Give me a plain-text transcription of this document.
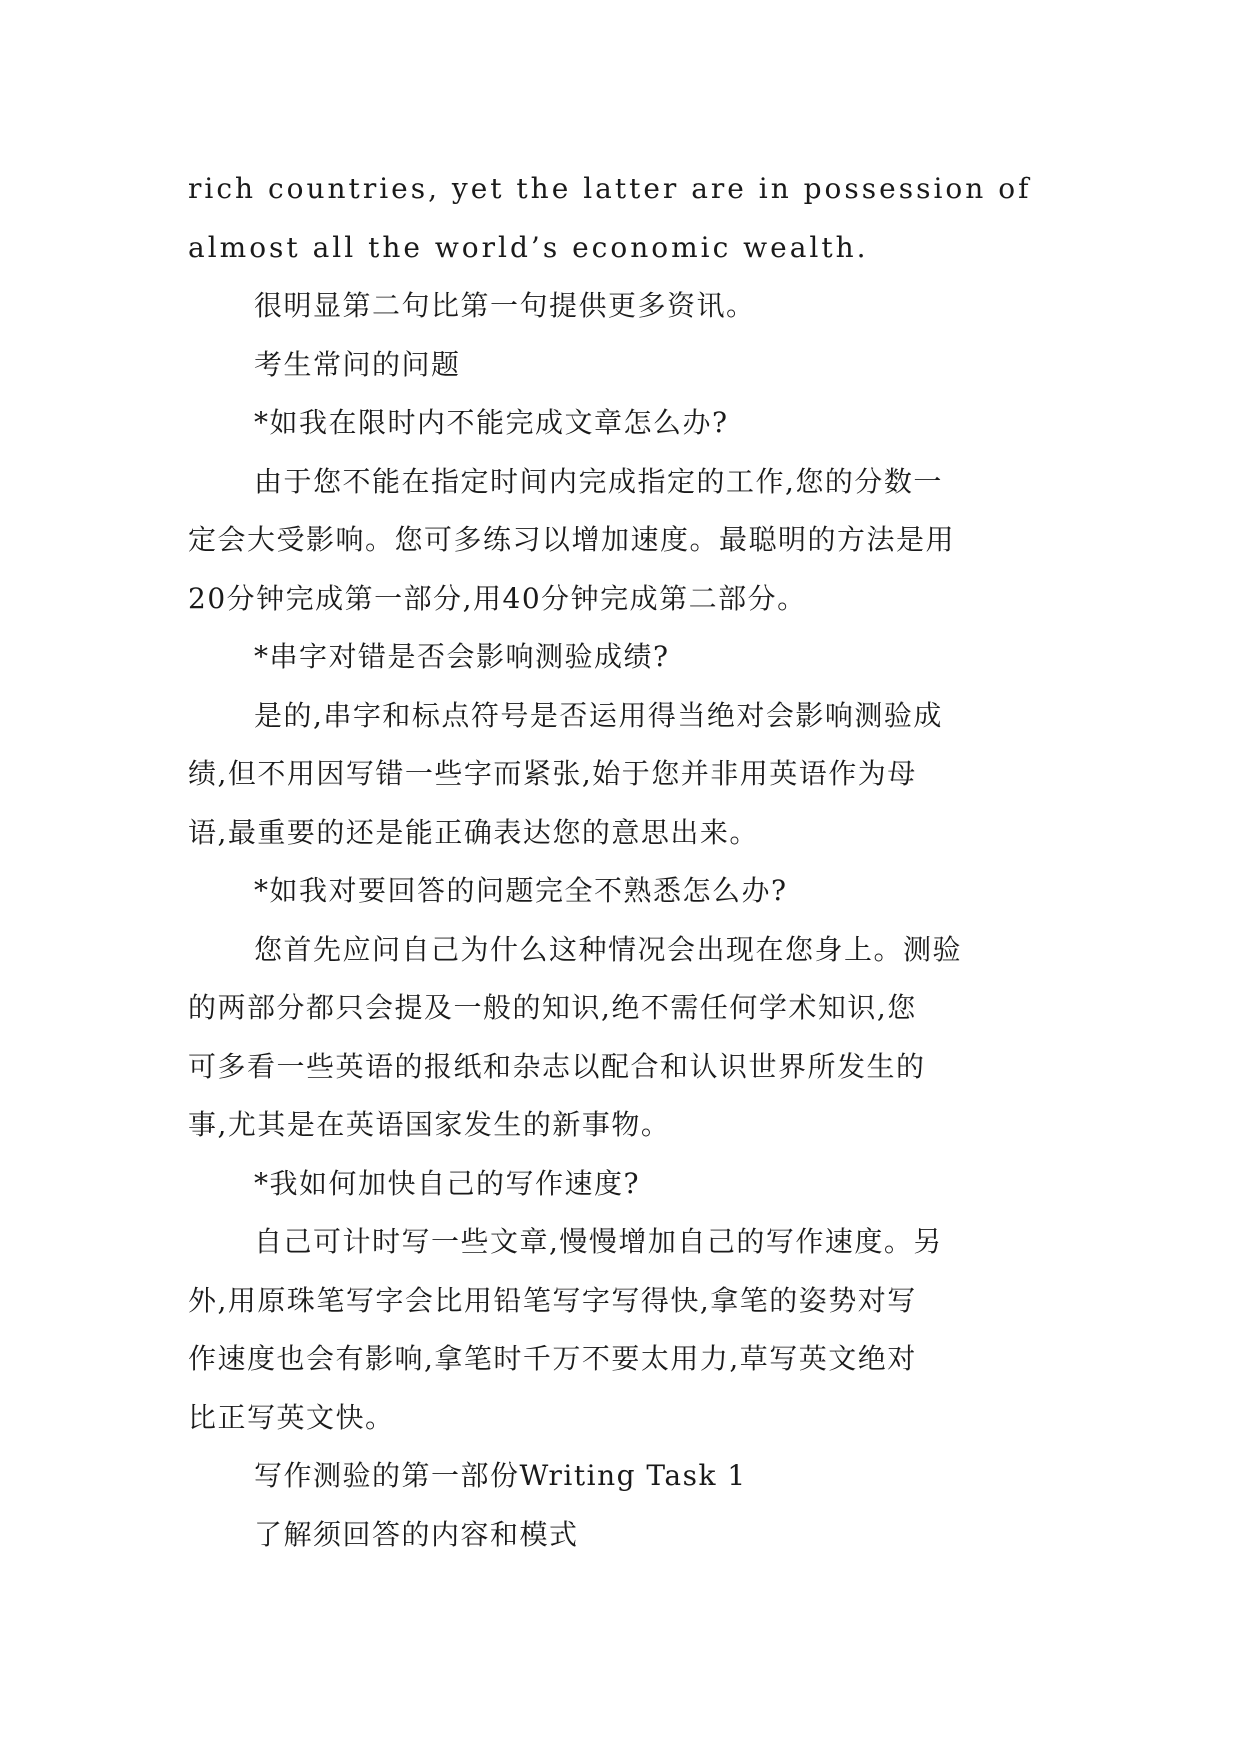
rich countries, yet the latter are in possession of
almost all the world’s economic wealth.
很明显第二句比第一句提供更多资讯。
考生常问的问题
*如我在限时内不能完成文章怎么办?
由于您不能在指定时间内完成指定的工作,您的分数一
定会大受影响。您可多练习以增加速度。最聪明的方法是用
20分钟完成第一部分,用40分钟完成第二部分。
*串字对错是否会影响测验成绩?
是的,串字和标点符号是否运用得当绝对会影响测验成
绩,但不用因写错一些字而紧张,始于您并非用英语作为母
语,最重要的还是能正确表达您的意思出来。
*如我对要回答的问题完全不熟悉怎么办?
您首先应问自己为什么这种情况会出现在您身上。测验
的两部分都只会提及一般的知识,绝不需任何学术知识,您
可多看一些英语的报纸和杂志以配合和认识世界所发生的
事,尤其是在英语国家发生的新事物。
*我如何加快自己的写作速度?
自己可计时写一些文章,慢慢增加自己的写作速度。另
外,用原珠笔写字会比用铅笔写字写得快,拿笔的姿势对写
作速度也会有影响,拿笔时千万不要太用力,草写英文绝对
比正写英文快。
写作测验的第一部份Writing Task 1
了解须回答的内容和模式
